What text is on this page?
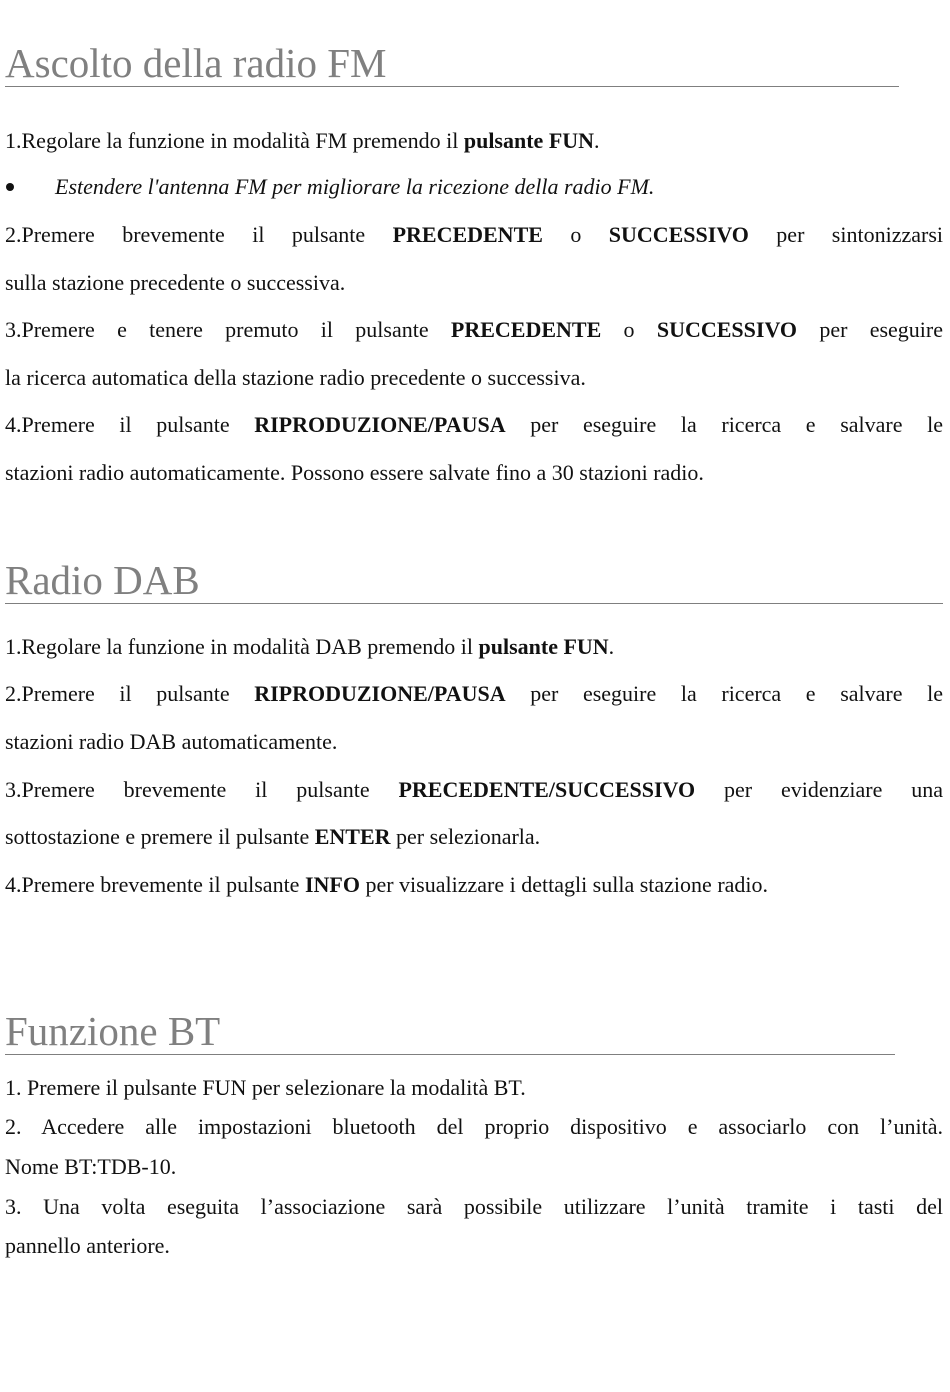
Ascolto della radio FM

1.Regolare la funzione in modalità FM premendo il pulsante FUN.

Estendere l'antenna FM per migliorare la ricezione della radio FM.

2.Premere brevemente il pulsante PRECEDENTE o SUCCESSIVO per sintonizzarsi

sulla stazione precedente o successiva.

3.Premere e tenere premuto il pulsante PRECEDENTE o SUCCESSIVO per eseguire

la ricerca automatica della stazione radio precedente o successiva.

4.Premere il pulsante RIPRODUZIONE/PAUSA per eseguire la ricerca e salvare le

stazioni radio automaticamente. Possono essere salvate fino a 30 stazioni radio.

Radio DAB

1.Regolare la funzione in modalità DAB premendo il pulsante FUN.

2.Premere il pulsante RIPRODUZIONE/PAUSA per eseguire la ricerca e salvare le

stazioni radio DAB automaticamente.

3.Premere brevemente il pulsante PRECEDENTE/SUCCESSIVO per evidenziare una

sottostazione e premere il pulsante ENTER per selezionarla.

4.Premere brevemente il pulsante INFO per visualizzare i dettagli sulla stazione radio.

Funzione BT

1. Premere il pulsante FUN per selezionare la modalità BT.

2. Accedere alle impostazioni bluetooth del proprio dispositivo e associarlo con l’unità.

Nome BT:TDB-10.

3. Una volta eseguita l’associazione sarà possibile utilizzare l’unità tramite i tasti del

pannello anteriore.
